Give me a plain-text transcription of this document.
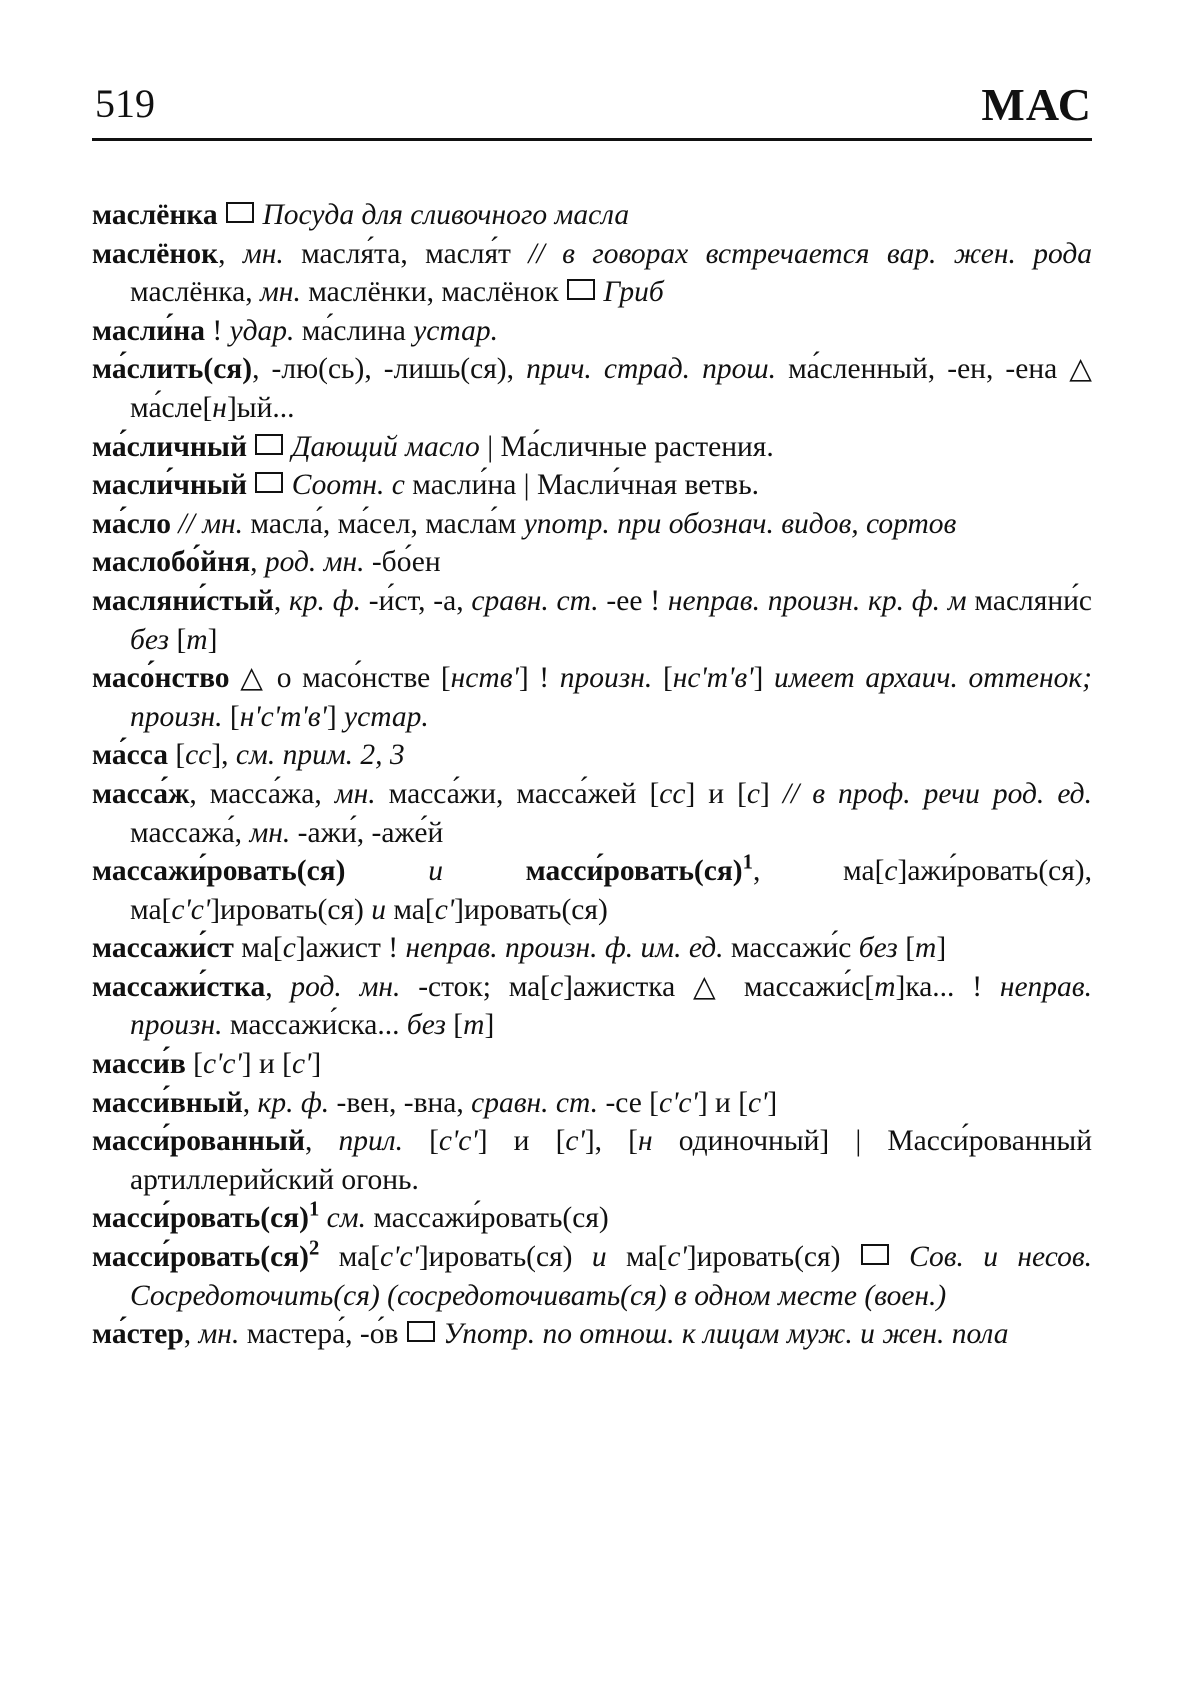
519	МАС
маслёнка Посуда для сливочного масла
маслёнок, мн. масля́та, масля́т // в говорах встречается вар. жен. рода маслёнка, мн. маслёнки, маслёнок  Гриб
масли́на ! удар. ма́слина устар.
ма́слить(ся), -лю(сь), -лишь(ся), прич. страд. прош. ма́сленный, -ен, -ена △ ма́сле[н]ый...
ма́сличный Дающий масло | Ма́сличные растения.
масли́чный Соотн. с масли́на | Масли́чная ветвь.
ма́сло // мн. масла́, ма́сел, масла́м употр. при обознач. видов, сортов
маслобо́йня, род. мн. -бо́ен
масляни́стый, кр. ф. -и́ст, -а, сравн. ст. -ее ! неправ. произн. кр. ф. м масляни́с без [т]
масо́нство △ о масо́нстве [нств'] ! произн. [нс'т'в'] имеет архаич. оттенок; произн. [н'с'т'в'] устар.
ма́сса [сс], см. прим. 2, 3
масса́ж, масса́жа, мн. масса́жи, масса́жей [сс] и [с] // в проф. речи род. ед. массажа́, мн. -ажи́, -аже́й
массажи́ровать(ся)	и	масси́ровать(ся)$^1$, ма[с]ажи́ровать(ся), ма[с'с']ировать(ся) и ма[с']ировать(ся)
массажи́ст ма[с]ажист ! неправ. произн. ф. им. ед. массажи́с без [т]
массажи́стка, род. мн. -сток; ма[с]ажистка △ массажи́с[т]ка... ! неправ. произн. массажи́ска... без [т]
масси́в [с'с'] и [с']
масси́вный, кр. ф. -вен, -вна, сравн. ст. -се [с'с'] и [с']
масси́рованный, прил. [с'с'] и [с'], [н одиночный] | Масси́рованный артиллерийский огонь.
масси́ровать(ся)$^1$ см. массажи́ровать(ся)
масси́ровать(ся)$^2$ ма[с'с']ировать(ся) и ма[с']ировать(ся)  Сов. и несов. Сосредоточить(ся) (сосредоточивать(ся) в одном месте (воен.)
ма́стер, мн. мастера́, -о́в  Употр. по отнош. к лицам муж. и жен. пола
